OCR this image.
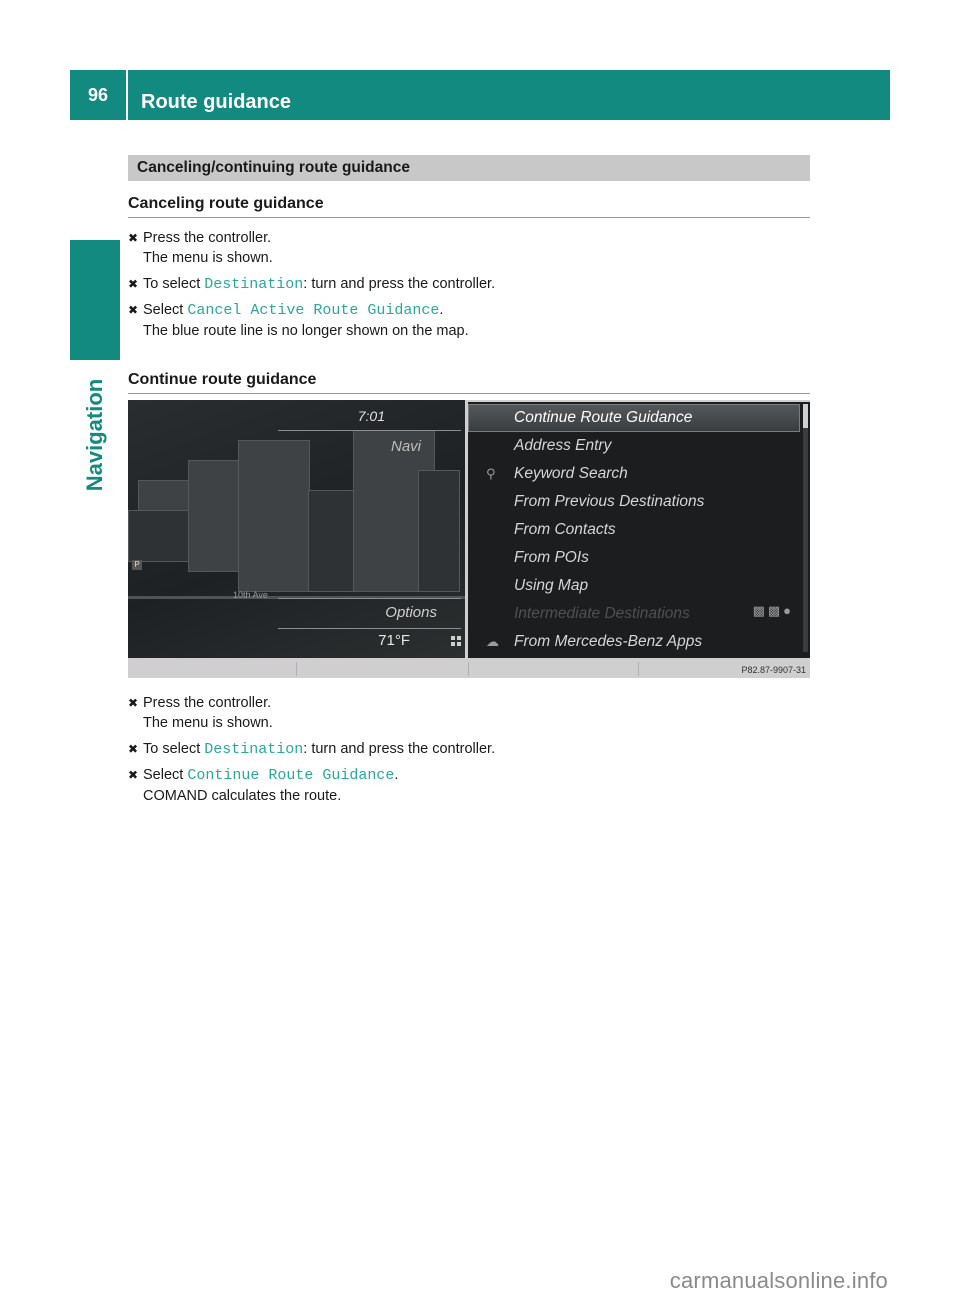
96	Route guidance
Navigation
Canceling/continuing route guidance
Canceling route guidance
✖ Press the controller.
The menu is shown.
✖ To select Destination: turn and press the controller.
✖ Select Cancel Active Route Guidance.
The blue route line is no longer shown on the map.
Continue route guidance
P
10th Ave
7:01
Navi
Options
71°F
Continue Route Guidance
Address Entry
⚲ Keyword Search
From Previous Destinations
From Contacts
From POIs
Using Map
Intermediate Destinations	▩▩●
☁ From Mercedes-Benz Apps
P82.87-9907-31
✖ Press the controller.
The menu is shown.
✖ To select Destination: turn and press the controller.
✖ Select Continue Route Guidance.
COMAND calculates the route.
carmanualsonline.info
